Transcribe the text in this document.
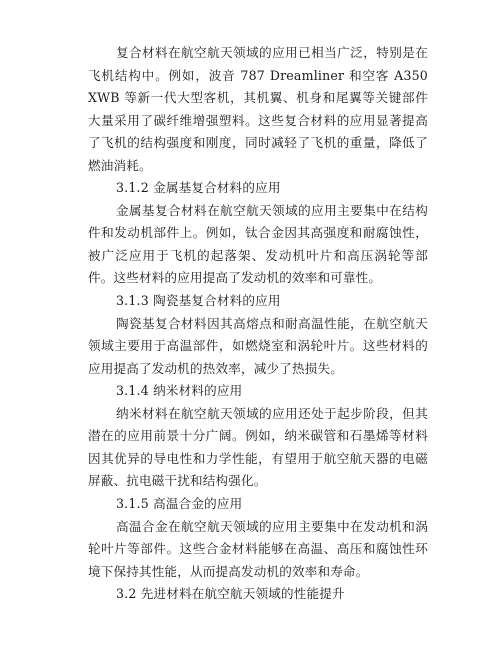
复合材料在航空航天领域的应用已相当广泛，特别是在飞机结构中。例如，波音 787 Dreamliner 和空客 A350 XWB 等新一代大型客机，其机翼、机身和尾翼等关键部件大量采用了碳纤维增强塑料。这些复合材料的应用显著提高了飞机的结构强度和刚度，同时减轻了飞机的重量，降低了燃油消耗。

3.1.2 金属基复合材料的应用

金属基复合材料在航空航天领域的应用主要集中在结构件和发动机部件上。例如，钛合金因其高强度和耐腐蚀性，被广泛应用于飞机的起落架、发动机叶片和高压涡轮等部件。这些材料的应用提高了发动机的效率和可靠性。

3.1.3 陶瓷基复合材料的应用

陶瓷基复合材料因其高熔点和耐高温性能，在航空航天领域主要用于高温部件，如燃烧室和涡轮叶片。这些材料的应用提高了发动机的热效率，减少了热损失。

3.1.4 纳米材料的应用

纳米材料在航空航天领域的应用还处于起步阶段，但其潜在的应用前景十分广阔。例如，纳米碳管和石墨烯等材料因其优异的导电性和力学性能，有望用于航空航天器的电磁屏蔽、抗电磁干扰和结构强化。

3.1.5 高温合金的应用

高温合金在航空航天领域的应用主要集中在发动机和涡轮叶片等部件。这些合金材料能够在高温、高压和腐蚀性环境下保持其性能，从而提高发动机的效率和寿命。

3.2 先进材料在航空航天领域的性能提升
